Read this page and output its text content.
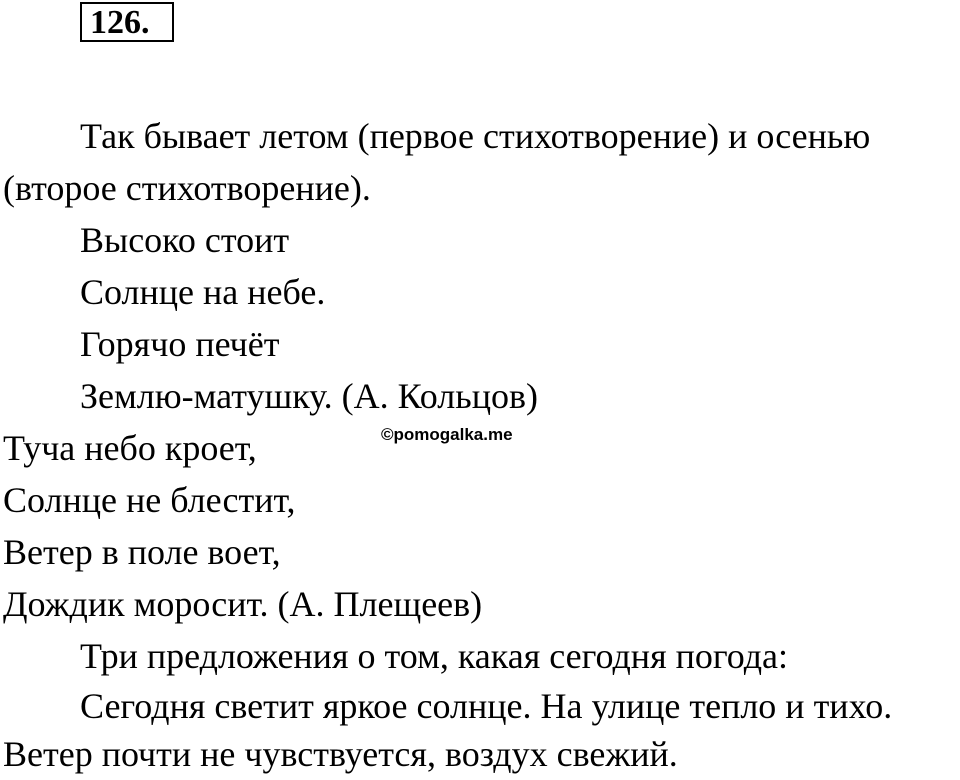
126.
Так бывает летом (первое стихотворение) и осенью
(второе стихотворение).
Высоко стоит
Солнце на небе.
Горячо печёт
Землю-матушку. (А. Кольцов)
Туча небо кроет,	©pomogalka.me
Солнце не блестит,
Ветер в поле воет,
Дождик моросит. (А. Плещеев)
Три предложения о том, какая сегодня погода:
Сегодня светит яркое солнце. На улице тепло и тихо.
Ветер почти не чувствуется, воздух свежий.
